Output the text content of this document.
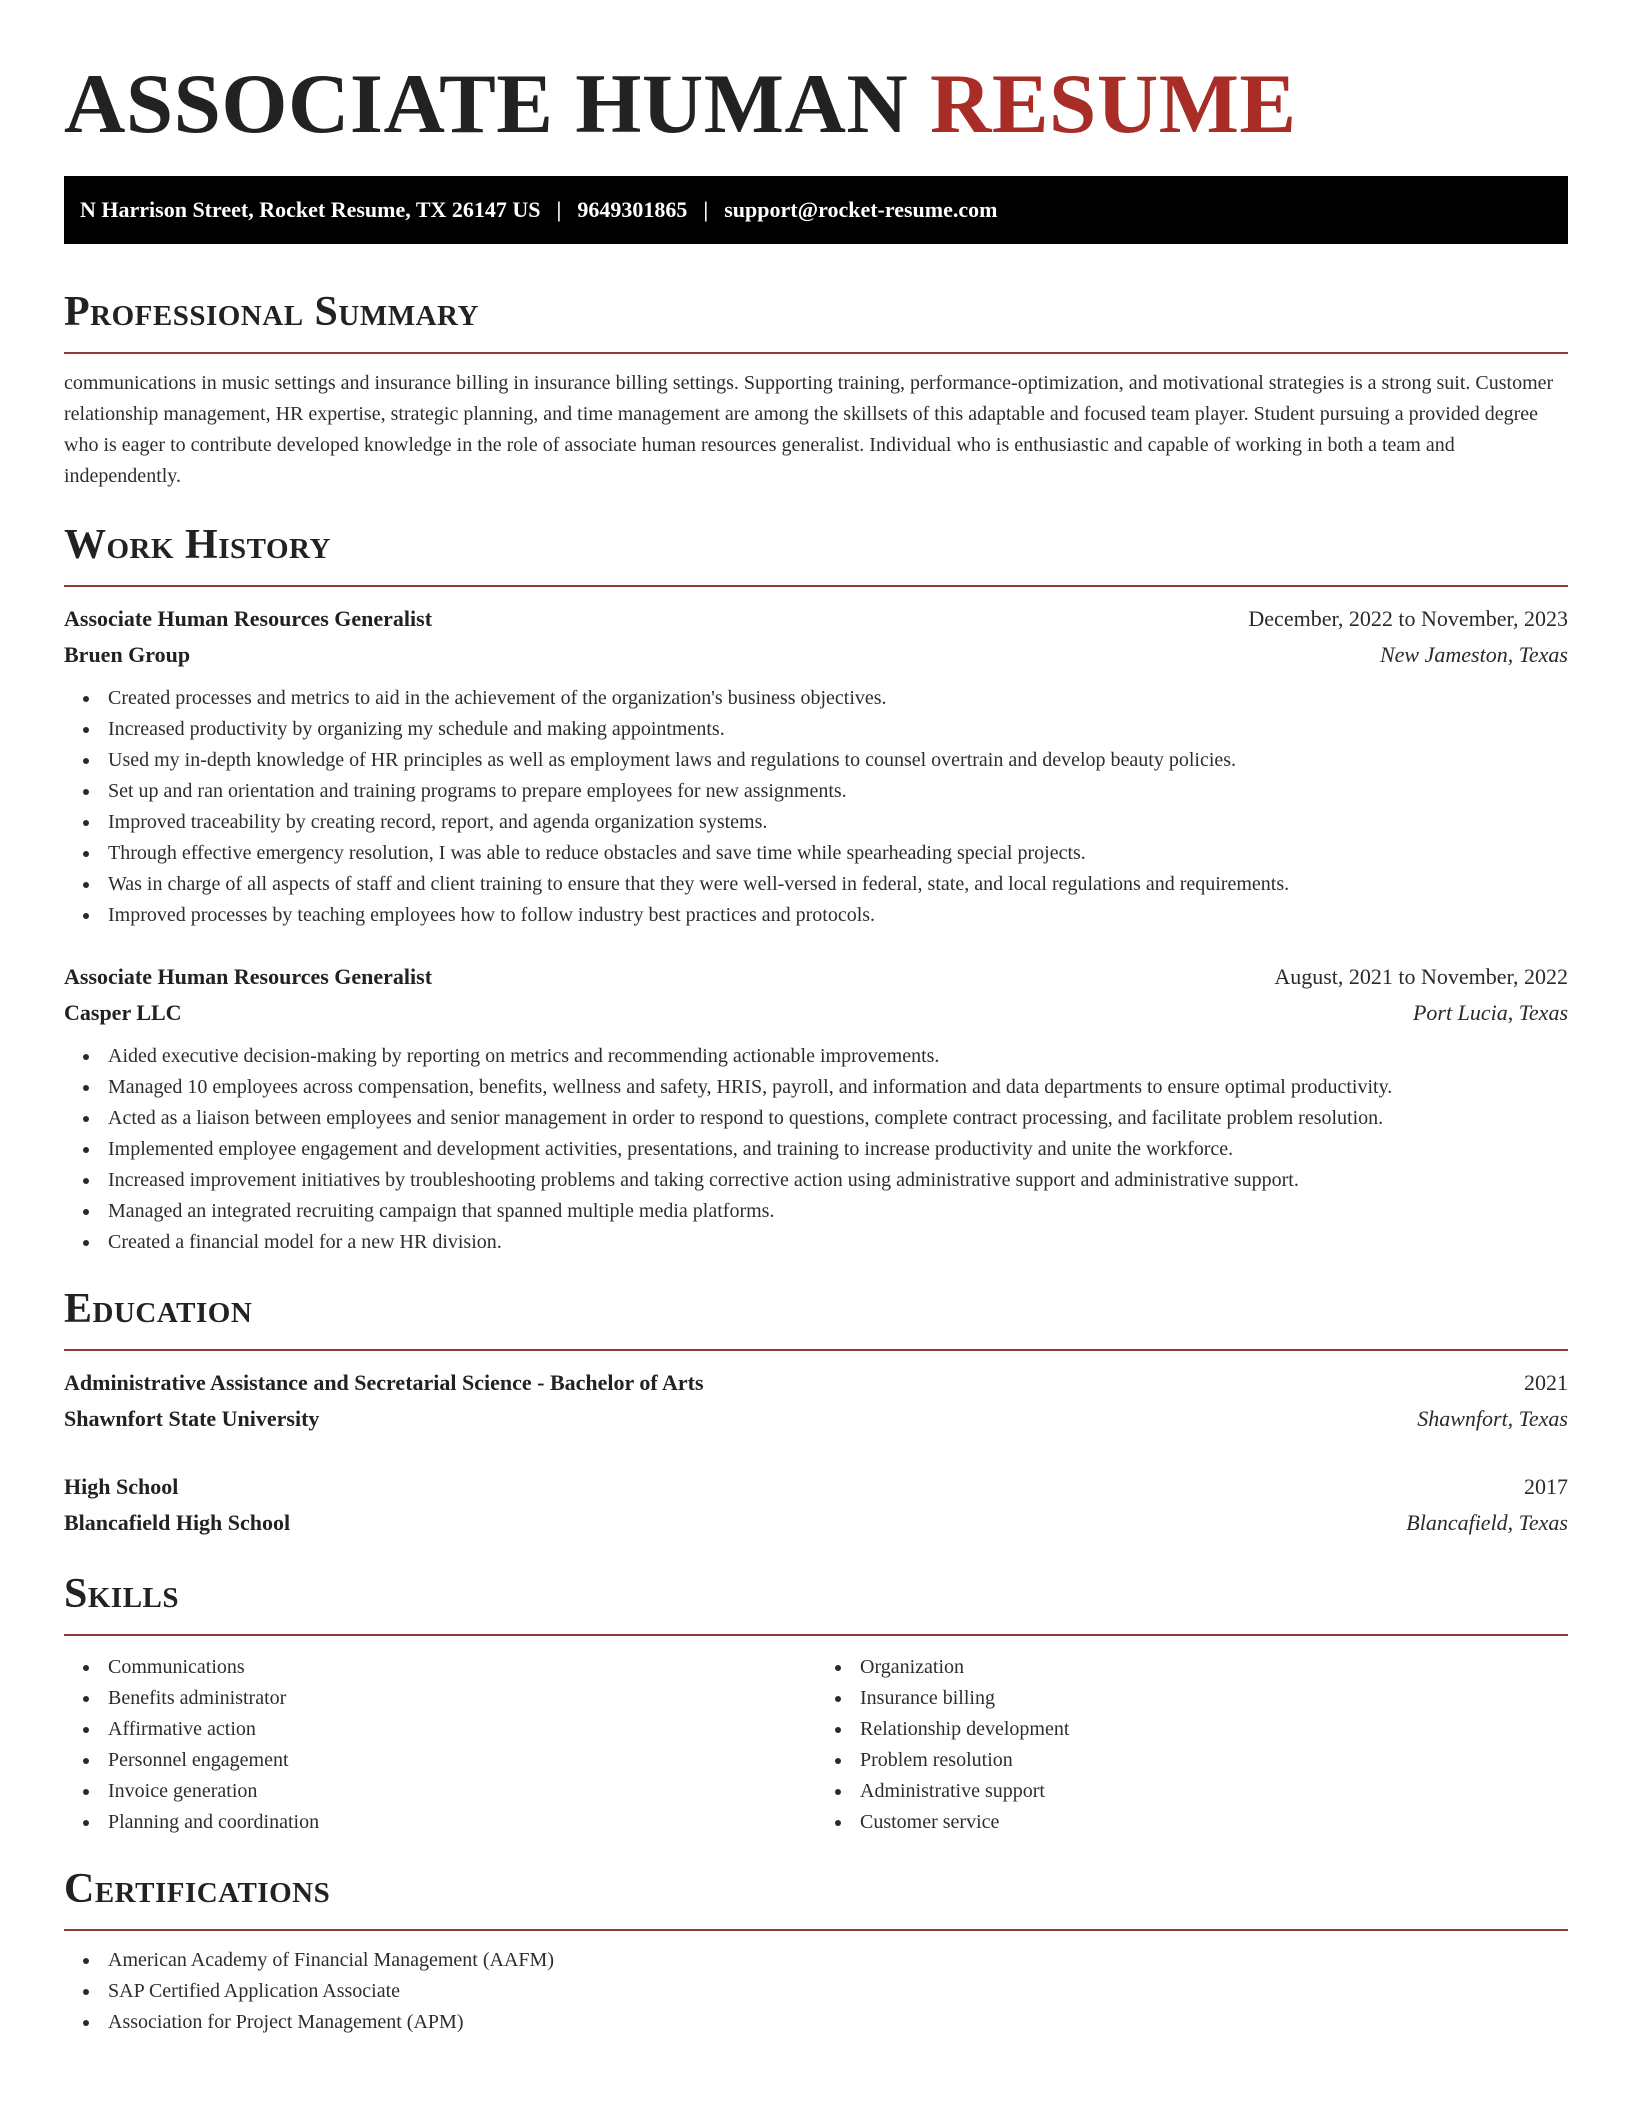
ASSOCIATE HUMAN RESUME
N Harrison Street, Rocket Resume, TX 26147 US | 9649301865 | support@rocket-resume.com
Professional Summary

communications in music settings and insurance billing in insurance billing settings. Supporting training, performance-optimization, and motivational strategies is a strong suit. Customer relationship management, HR expertise, strategic planning, and time management are among the skillsets of this adaptable and focused team player. Student pursuing a provided degree who is eager to contribute developed knowledge in the role of associate human resources generalist. Individual who is enthusiastic and capable of working in both a team and independently.

Work History
Associate Human Resources Generalist	December, 2022 to November, 2023
Bruen Group	New Jameston, Texas
Created processes and metrics to aid in the achievement of the organization's business objectives.
Increased productivity by organizing my schedule and making appointments.
Used my in-depth knowledge of HR principles as well as employment laws and regulations to counsel overtrain and develop beauty policies.
Set up and ran orientation and training programs to prepare employees for new assignments.
Improved traceability by creating record, report, and agenda organization systems.
Through effective emergency resolution, I was able to reduce obstacles and save time while spearheading special projects.
Was in charge of all aspects of staff and client training to ensure that they were well-versed in federal, state, and local regulations and requirements.
Improved processes by teaching employees how to follow industry best practices and protocols.
Associate Human Resources Generalist	August, 2021 to November, 2022
Casper LLC	Port Lucia, Texas
Aided executive decision-making by reporting on metrics and recommending actionable improvements.
Managed 10 employees across compensation, benefits, wellness and safety, HRIS, payroll, and information and data departments to ensure optimal productivity.
Acted as a liaison between employees and senior management in order to respond to questions, complete contract processing, and facilitate problem resolution.
Implemented employee engagement and development activities, presentations, and training to increase productivity and unite the workforce.
Increased improvement initiatives by troubleshooting problems and taking corrective action using administrative support and administrative support.
Managed an integrated recruiting campaign that spanned multiple media platforms.
Created a financial model for a new HR division.
Education
Administrative Assistance and Secretarial Science - Bachelor of Arts	2021
Shawnfort State University	Shawnfort, Texas
High School	2017
Blancafield High School	Blancafield, Texas
Skills
Communications
Benefits administrator
Affirmative action
Personnel engagement
Invoice generation
Planning and coordination
Organization
Insurance billing
Relationship development
Problem resolution
Administrative support
Customer service
Certifications
American Academy of Financial Management (AAFM)
SAP Certified Application Associate
Association for Project Management (APM)
